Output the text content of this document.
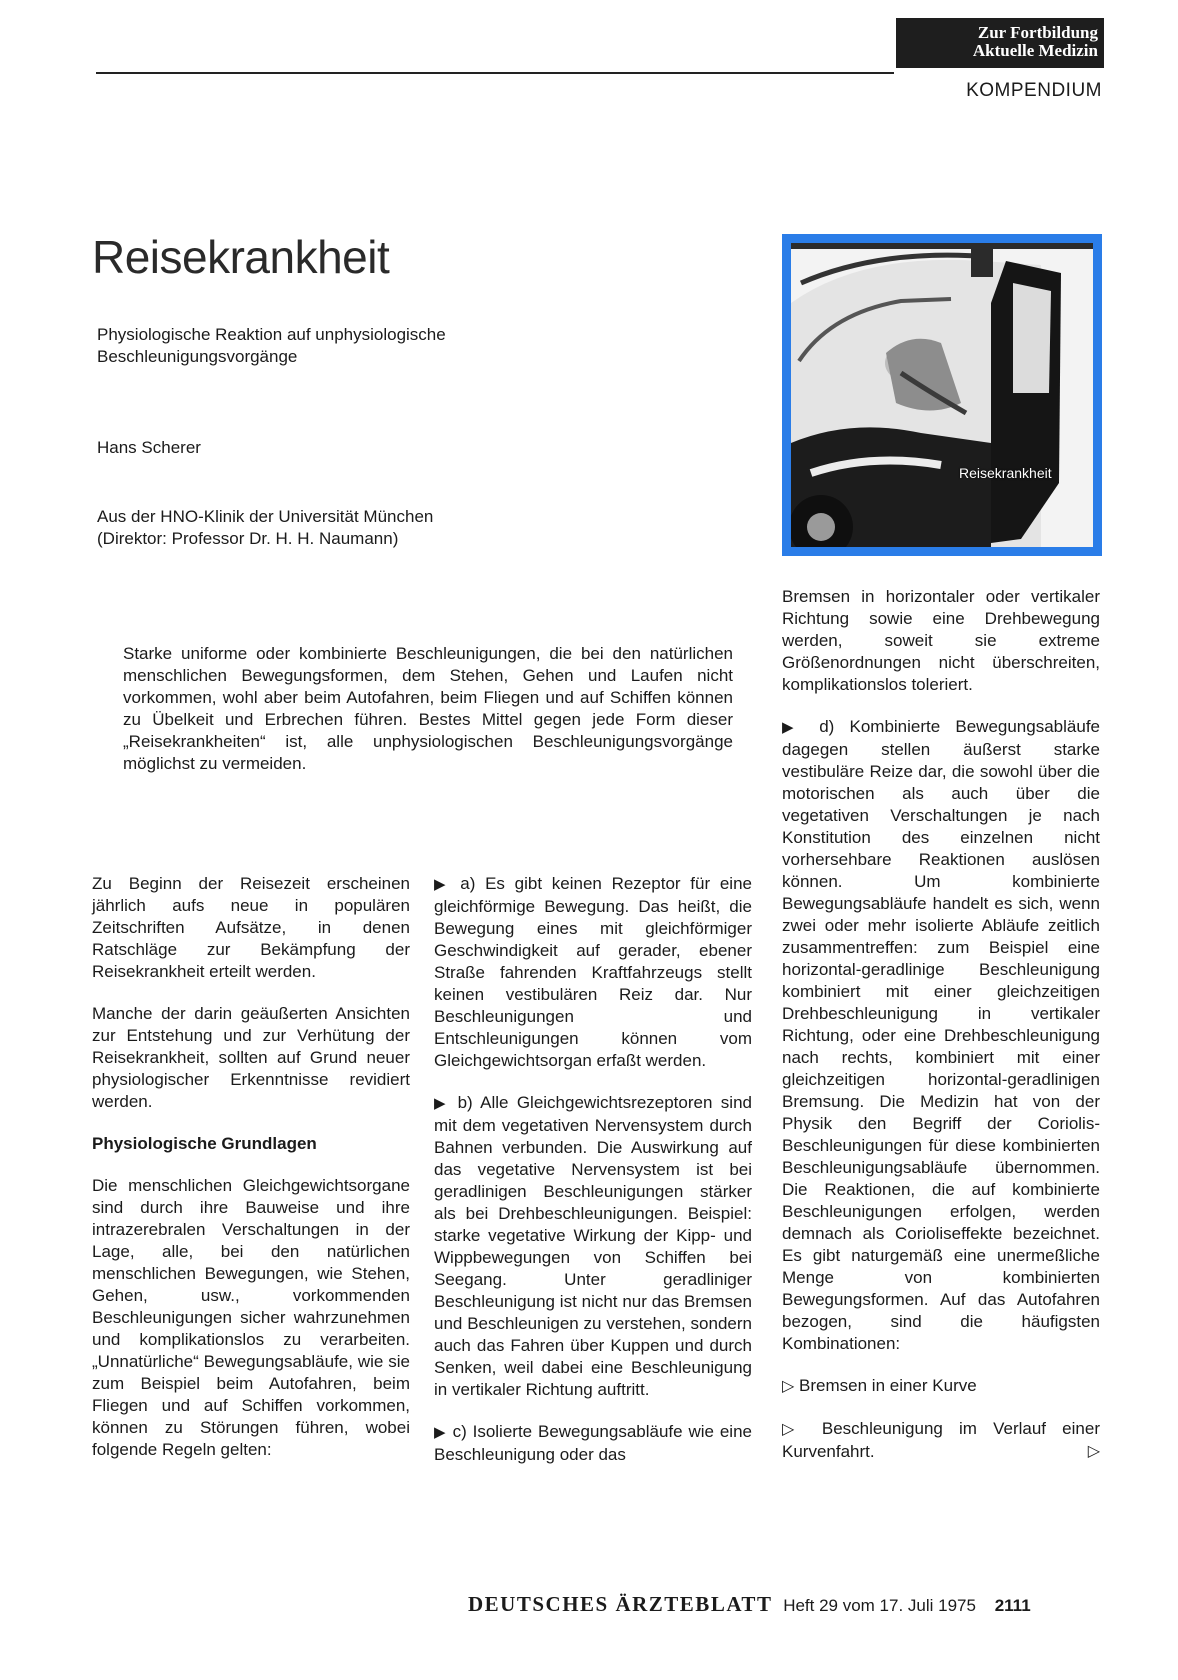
Zur Fortbildung
Aktuelle Medizin
KOMPENDIUM
Reisekrankheit
Physiologische Reaktion auf unphysiologische Beschleunigungsvorgänge
Hans Scherer
Aus der HNO-Klinik der Universität München
(Direktor: Professor Dr. H. H. Naumann)
Reisekrankheit
Starke uniforme oder kombinierte Beschleunigungen, die bei den natürlichen menschlichen Bewegungsformen, dem Stehen, Gehen und Laufen nicht vorkommen, wohl aber beim Autofahren, beim Fliegen und auf Schiffen können zu Übelkeit und Erbrechen führen. Bestes Mittel gegen jede Form dieser „Reisekrankheiten“ ist, alle unphysiologischen Beschleunigungsvorgänge möglichst zu vermeiden.

Zu Beginn der Reisezeit erscheinen jährlich aufs neue in populären Zeitschriften Aufsätze, in denen Ratschläge zur Bekämpfung der Reisekrankheit erteilt werden.

Manche der darin geäußerten Ansichten zur Entstehung und zur Verhütung der Reisekrankheit, sollten auf Grund neuer physiologischer Erkenntnisse revidiert werden.

Physiologische Grundlagen

Die menschlichen Gleichgewichtsorgane sind durch ihre Bauweise und ihre intrazerebralen Verschaltungen in der Lage, alle, bei den natürlichen menschlichen Bewegungen, wie Stehen, Gehen, usw., vorkommenden Beschleunigungen sicher wahrzunehmen und komplikationslos zu verarbeiten. „Unnatürliche“ Bewegungsabläufe, wie sie zum Beispiel beim Autofahren, beim Fliegen und auf Schiffen vorkommen, können zu Störungen führen, wobei folgende Regeln gelten:

▶ a) Es gibt keinen Rezeptor für eine gleichförmige Bewegung. Das heißt, die Bewegung eines mit gleichförmiger Geschwindigkeit auf gerader, ebener Straße fahrenden Kraftfahrzeugs stellt keinen vestibulären Reiz dar. Nur Beschleunigungen und Entschleunigungen können vom Gleichgewichtsorgan erfaßt werden.

▶ b) Alle Gleichgewichtsrezeptoren sind mit dem vegetativen Nervensystem durch Bahnen verbunden. Die Auswirkung auf das vegetative Nervensystem ist bei geradlinigen Beschleunigungen stärker als bei Drehbeschleunigungen. Beispiel: starke vegetative Wirkung der Kipp- und Wippbewegungen von Schiffen bei Seegang. Unter geradliniger Beschleunigung ist nicht nur das Bremsen und Beschleunigen zu verstehen, sondern auch das Fahren über Kuppen und durch Senken, weil dabei eine Beschleunigung in vertikaler Richtung auftritt.

▶ c) Isolierte Bewegungsabläufe wie eine Beschleunigung oder das

Bremsen in horizontaler oder vertikaler Richtung sowie eine Drehbewegung werden, soweit sie extreme Größenordnungen nicht überschreiten, komplikationslos toleriert.

▶ d) Kombinierte Bewegungsabläufe dagegen stellen äußerst starke vestibuläre Reize dar, die sowohl über die motorischen als auch über die vegetativen Verschaltungen je nach Konstitution des einzelnen nicht vorhersehbare Reaktionen auslösen können. Um kombinierte Bewegungsabläufe handelt es sich, wenn zwei oder mehr isolierte Abläufe zeitlich zusammentreffen: zum Beispiel eine horizontal-geradlinige Beschleunigung kombiniert mit einer gleichzeitigen Drehbeschleunigung in vertikaler Richtung, oder eine Drehbeschleunigung nach rechts, kombiniert mit einer gleichzeitigen horizontal-geradlinigen Bremsung. Die Medizin hat von der Physik den Begriff der Coriolis-Beschleunigungen für diese kombinierten Beschleunigungsabläufe übernommen. Die Reaktionen, die auf kombinierte Beschleunigungen erfolgen, werden demnach als Corioliseffekte bezeichnet. Es gibt naturgemäß eine unermeßliche Menge von kombinierten Bewegungsformen. Auf das Autofahren bezogen, sind die häufigsten Kombinationen:

▷ Bremsen in einer Kurve

▷ Beschleunigung im Verlauf einer Kurvenfahrt.	▷

DEUTSCHES ÄRZTEBLATT Heft 29 vom 17. Juli 1975 2111
